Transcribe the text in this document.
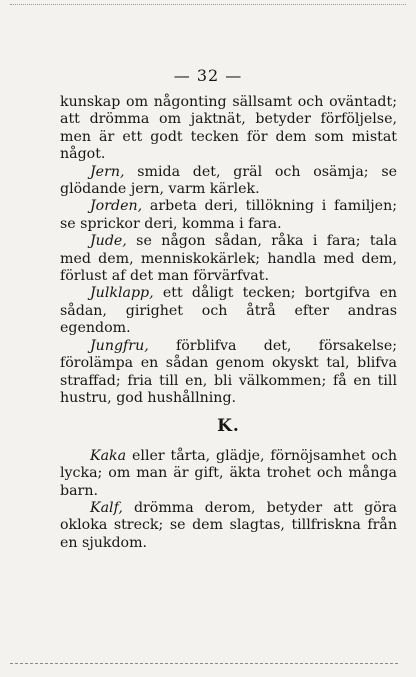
— 32 —

kunskap om någonting sällsamt och oväntadt; att drömma om jaktnät, betyder förföljelse, men är ett godt tecken för dem som mistat något.

Jern, smida det, gräl och osämja; se glödande jern, varm kärlek.

Jorden, arbeta deri, tillökning i familjen; se sprickor deri, komma i fara.

Jude, se någon sådan, råka i fara; tala med dem, menniskokärlek; handla med dem, förlust af det man förvärfvat.

Julklapp, ett dåligt tecken; bortgifva en sådan, girighet och åtrå efter andras egendom.

Jungfru, förblifva det, försakelse; förolämpa en sådan genom okyskt tal, blifva straffad; fria till en, bli välkommen; få en till hustru, god hushållning.

K.

Kaka eller tårta, glädje, förnöjsamhet och lycka; om man är gift, äkta trohet och många barn.

Kalf, drömma derom, betyder att göra okloka streck; se dem slagtas, tillfriskna från en sjukdom.
